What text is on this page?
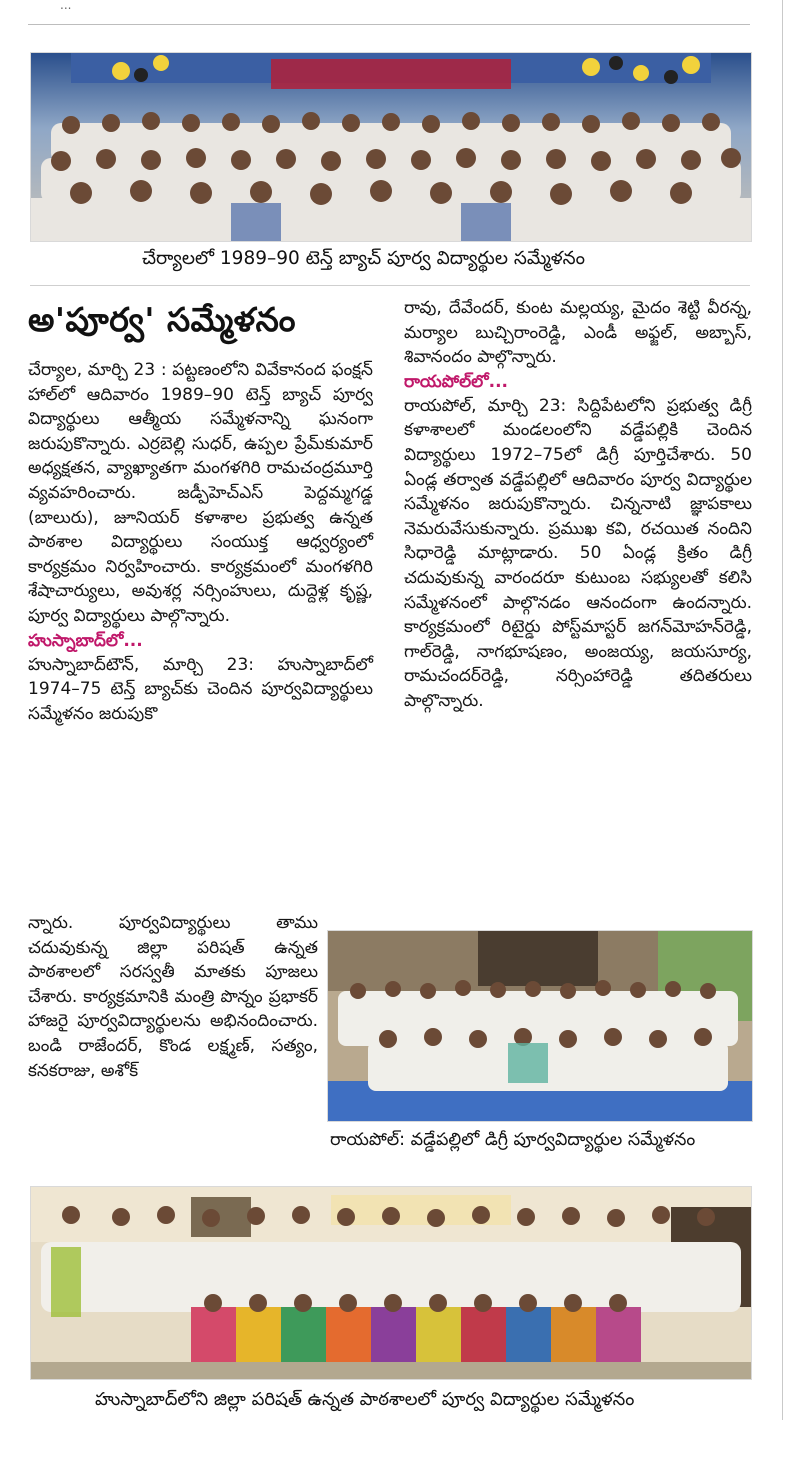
...
చేర్యాలలో 1989–90 టెన్త్ బ్యాచ్ పూర్వ విద్యార్థుల సమ్మేళనం
అ'పూర్వ' సమ్మేళనం

చేర్యాల, మార్చి 23 : పట్టణంలోని వివేకానంద ఫంక్షన్ హాల్‌లో ఆదివారం 1989–90 టెన్త్ బ్యాచ్ పూర్వ విద్యార్థులు ఆత్మీయ సమ్మేళనాన్ని ఘనంగా జరుపుకొన్నారు. ఎర్రబెల్లి సుధర్, ఉప్పల ప్రేమ్‌కుమార్ అధ్యక్షతన, వ్యాఖ్యాతగా మంగళగిరి రామచంద్రమూర్తి వ్యవహరించారు. జడ్పీహెచ్‌ఎస్ పెద్దమ్మగడ్డ (బాలురు), జూనియర్ కళాశాల ప్రభుత్వ ఉన్నత పాఠశాల విద్యార్థులు సంయుక్త ఆధ్వర్యంలో కార్యక్రమం నిర్వహించారు. కార్యక్రమంలో మంగళగిరి శేషాచార్యులు, అవుశర్ల నర్సింహులు, దుద్దెళ్ల కృష్ణ, పూర్వ విద్యార్థులు పాల్గొన్నారు.

హుస్నాబాద్‌లో...

హుస్నాబాద్‌టౌన్, మార్చి 23: హుస్నాబాద్‌లో 1974–75 టెన్త్ బ్యాచ్‌కు చెందిన పూర్వవిద్యార్థులు సమ్మేళనం జరుపుకొ

న్నారు. పూర్వవిద్యార్థులు తాము చదువుకున్న జిల్లా పరిషత్ ఉన్నత పాఠశాలలో సరస్వతీ మాతకు పూజలు చేశారు. కార్యక్రమానికి మంత్రి పొన్నం ప్రభాకర్ హాజరై పూర్వవిద్యార్థులను అభినందించారు. బండి రాజేందర్, కొండ లక్ష్మణ్, సత్యం, కనకరాజు, అశోక్

రావు, దేవేందర్, కుంట మల్లయ్య, మైదం శెట్టి వీరన్న, మర్యాల బుచ్చిరాంరెడ్డి, ఎండీ అఫ్జల్, అబ్బాస్, శివానందం పాల్గొన్నారు.

రాయపోల్‌లో...

రాయపోల్, మార్చి 23: సిద్దిపేటలోని ప్రభుత్వ డిగ్రీ కళాశాలలో మండలంలోని వడ్డేపల్లికి చెందిన విద్యార్థులు 1972–75లో డిగ్రీ పూర్తిచేశారు. 50 ఏండ్ల తర్వాత వడ్డేపల్లిలో ఆదివారం పూర్వ విద్యార్థుల సమ్మేళనం జరుపుకొన్నారు. చిన్ననాటి జ్ఞాపకాలు నెమరువేసుకున్నారు. ప్రముఖ కవి, రచయిత నందిని సిధారెడ్డి మాట్లాడారు. 50 ఏండ్ల క్రితం డిగ్రీ చదువుకున్న వారందరూ కుటుంబ సభ్యులతో కలిసి సమ్మేళనంలో పాల్గొనడం ఆనందంగా ఉందన్నారు. కార్యక్రమంలో రిటైర్డు పోస్ట్‌మాస్టర్ జగన్‌మోహన్‌రెడ్డి, గాల్‌రెడ్డి, నాగభూషణం, అంజయ్య, జయసూర్య, రామచందర్‌రెడ్డి, నర్సింహారెడ్డి తదితరులు పాల్గొన్నారు.

రాయపోల్: వడ్డేపల్లిలో డిగ్రీ పూర్వవిద్యార్థుల సమ్మేళనం
హుస్నాబాద్‌లోని జిల్లా పరిషత్ ఉన్నత పాఠశాలలో పూర్వ విద్యార్థుల సమ్మేళనం
